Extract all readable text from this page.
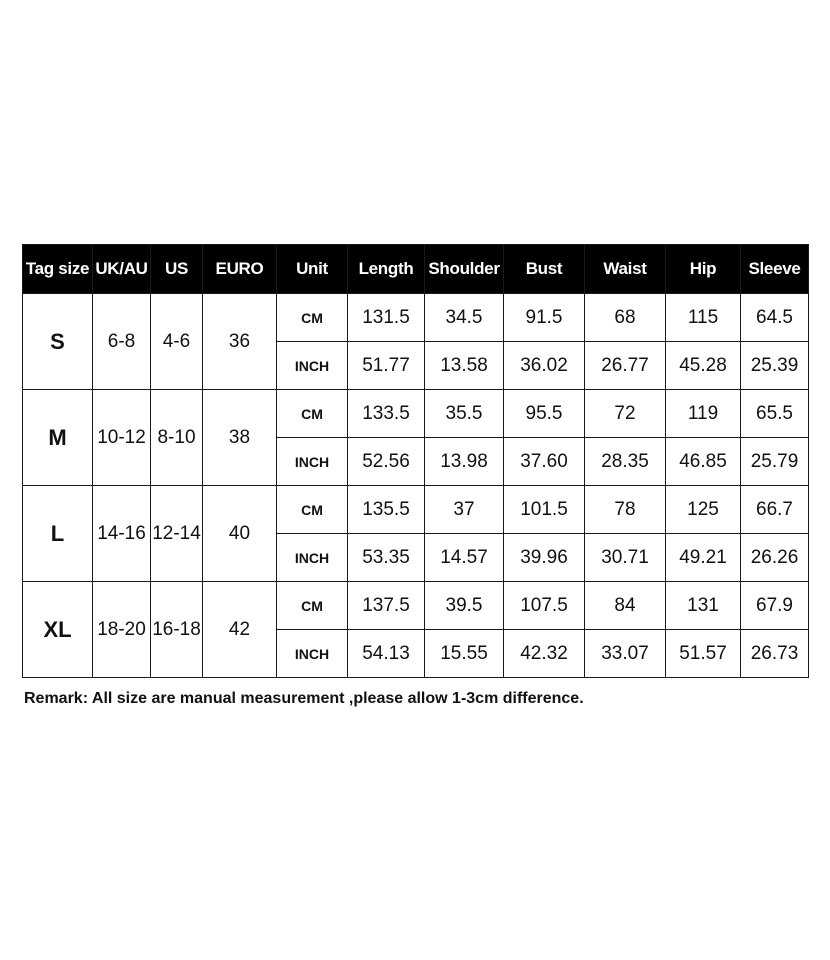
Tag size	UK/AU	US	EURO	Unit	Length	Shoulder	Bust	Waist	Hip	Sleeve
S	6-8	4-6	36	CM	131.5	34.5	91.5	68	115	64.5
				INCH	51.77	13.58	36.02	26.77	45.28	25.39
M	10-12	8-10	38	CM	133.5	35.5	95.5	72	119	65.5
				INCH	52.56	13.98	37.60	28.35	46.85	25.79
L	14-16	12-14	40	CM	135.5	37	101.5	78	125	66.7
				INCH	53.35	14.57	39.96	30.71	49.21	26.26
XL	18-20	16-18	42	CM	137.5	39.5	107.5	84	131	67.9
				INCH	54.13	15.55	42.32	33.07	51.57	26.73

Remark: All size are manual measurement ,please allow 1-3cm difference.
